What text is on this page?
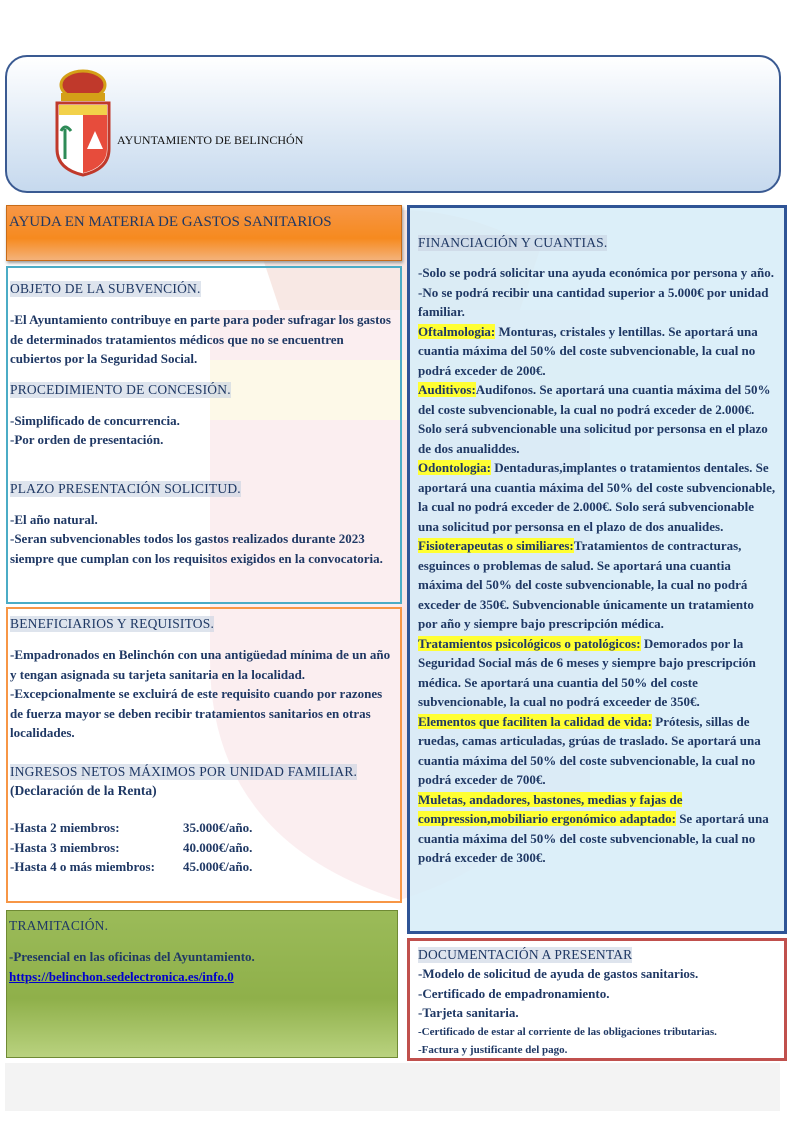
AYUNTAMIENTO DE BELINCHÓN
AYUDA EN MATERIA DE GASTOS SANITARIOS
OBJETO DE LA SUBVENCIÓN.

-El Ayuntamiento contribuye en parte para poder sufragar los gastos de determinados tratamientos médicos que no se encuentren cubiertos por la Seguridad Social.

PROCEDIMIENTO DE CONCESIÓN.

-Simplificado de concurrencia.

-Por orden de presentación.

PLAZO PRESENTACIÓN SOLICITUD.

-El año natural.

-Seran subvencionables todos los gastos realizados durante 2023 siempre que cumplan con los requisitos exigidos en la convocatoria.

BENEFICIARIOS Y REQUISITOS.

-Empadronados en Belinchón con una antigüedad mínima de un año y tengan asignada su tarjeta sanitaria en la localidad.

-Excepcionalmente se excluirá de este requisito cuando por razones de fuerza mayor se deben recibir tratamientos sanitarios en otras localidades.

INGRESOS NETOS MÁXIMOS POR UNIDAD FAMILIAR.

(Declaración de la Renta)

-Hasta 2 miembros:	35.000€/año.

-Hasta 3 miembros:	40.000€/año.

-Hasta 4 o más miembros:	45.000€/año.

TRAMITACIÓN.

-Presencial en las oficinas del Ayuntamiento.

https://belinchon.sedelectronica.es/info.0

FINANCIACIÓN Y CUANTIAS.

-Solo se podrá solicitar una ayuda económica por persona y año.

-No se podrá recibir una cantidad superior a 5.000€ por unidad familiar.

Oftalmologia: Monturas, cristales y lentillas. Se aportará una cuantia máxima del 50% del coste subvencionable, la cual no podrá exceder de 200€.

Auditivos:Audifonos. Se aportará una cuantia máxima del 50% del coste subvencionable, la cual no podrá exceder de 2.000€. Solo será subvencionable una solicitud por personsa en el plazo de dos anualiddes.

Odontologia: Dentaduras,implantes o tratamientos dentales. Se aportará una cuantia máxima del 50% del coste subvencionable, la cual no podrá exceder de 2.000€. Solo será subvencionable una solicitud por personsa en el plazo de dos anualides.

Fisioterapeutas o similiares:Tratamientos de contracturas, esguinces o problemas de salud. Se aportará una cuantia máxima del 50% del coste subvencionable, la cual no podrá exceder de 350€. Subvencionable únicamente un tratamiento por año y siempre bajo prescripción médica.

Tratamientos psicológicos o patológicos: Demorados por la Seguridad Social más de 6 meses y siempre bajo prescripción médica. Se aportará una cuantia del 50% del coste subvencionable, la cual no podrá exceeder de 350€.

Elementos que faciliten la calidad de vida: Prótesis, sillas de ruedas, camas articuladas, grúas de traslado. Se aportará una cuantia máxima del 50% del coste subvencionable, la cual no podrá exceder de 700€.

Muletas, andadores, bastones, medias y fajas de compression,mobiliario ergonómico adaptado: Se aportará una cuantia máxima del 50% del coste subvencionable, la cual no podrá exceder de 300€.

DOCUMENTACIÓN A PRESENTAR

-Modelo de solicitud de ayuda de gastos sanitarios.

-Certificado de empadronamiento.

-Tarjeta sanitaria.

-Certificado de estar al corriente de las obligaciones tributarias.

-Factura y justificante del pago.
